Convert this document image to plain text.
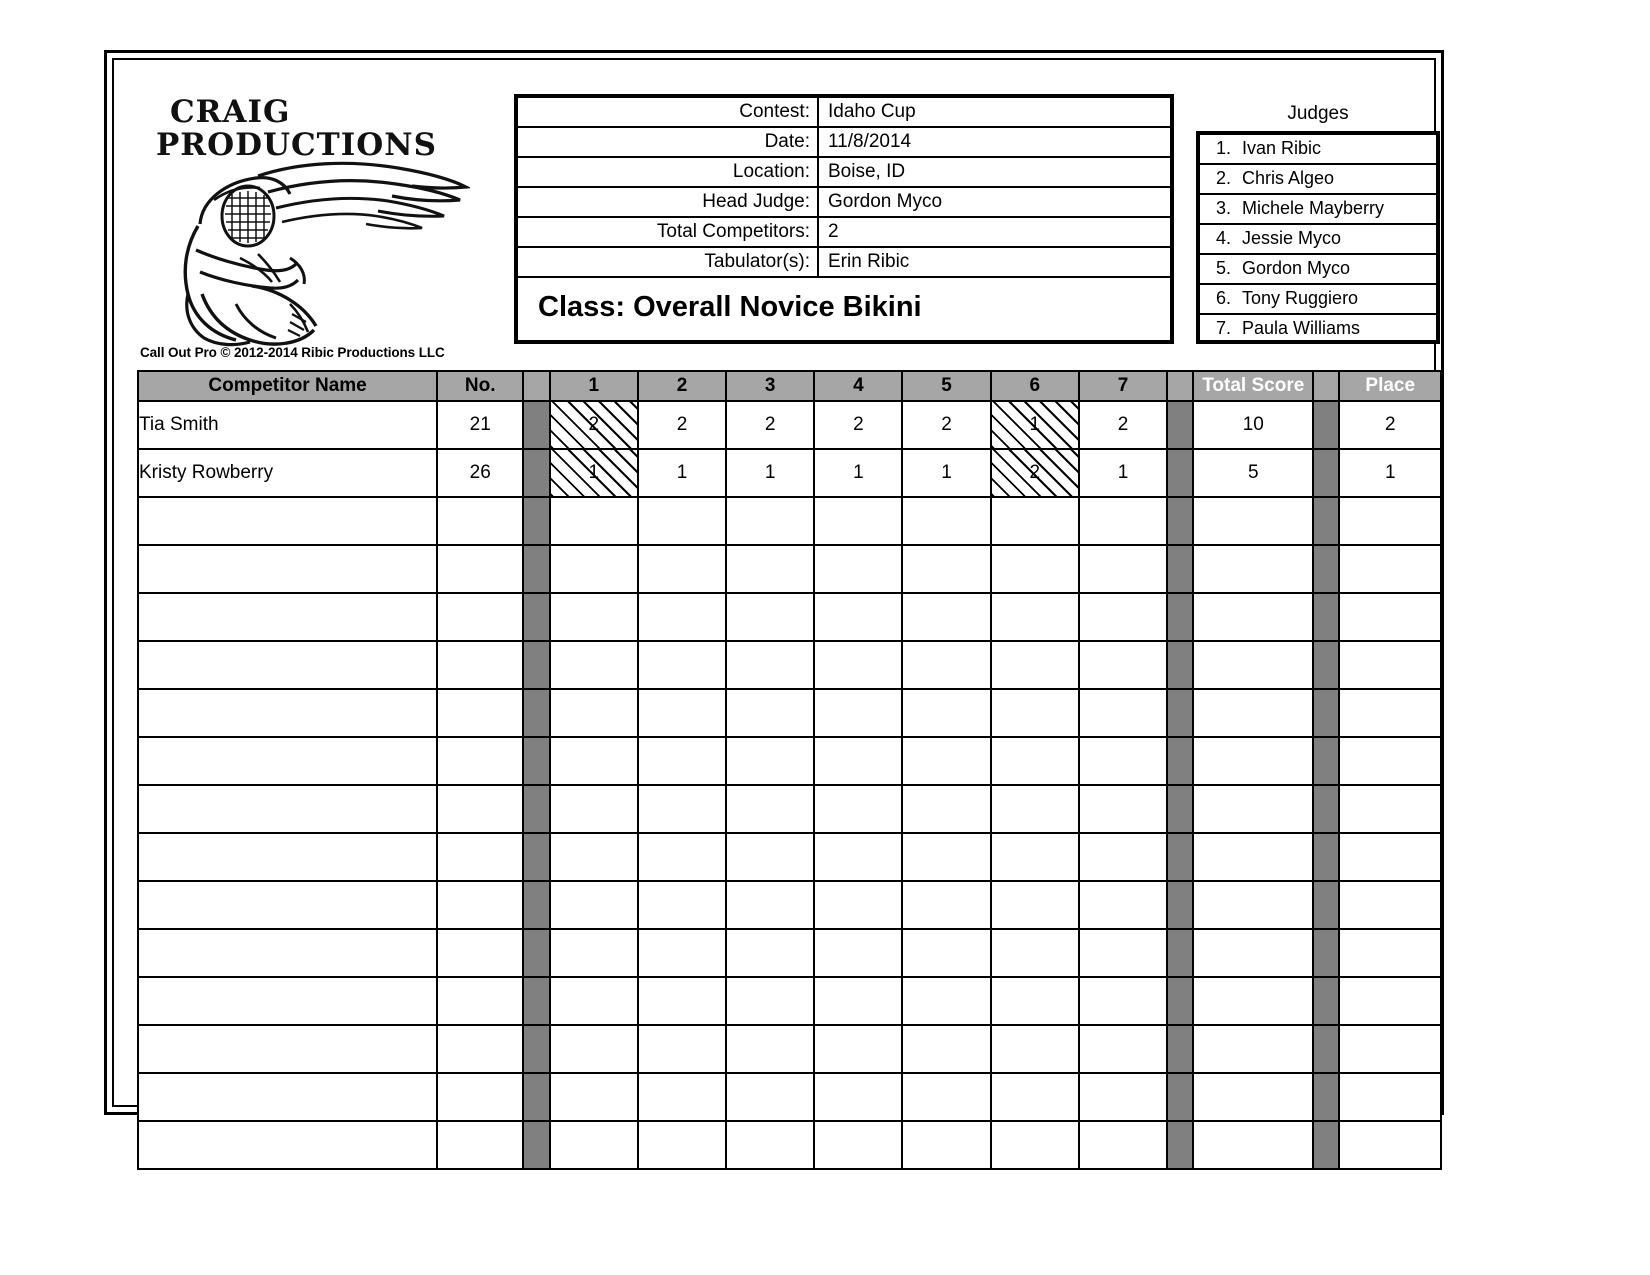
CRAIG
PRODUCTIONS
Call Out Pro © 2012-2014 Ribic Productions LLC
Contest: Idaho Cup
Date: 11/8/2014
Location: Boise, ID
Head Judge: Gordon Myco
Total Competitors: 2
Tabulator(s): Erin Ribic
Class: Overall Novice Bikini
Judges
1. Ivan Ribic
2. Chris Algeo
3. Michele Mayberry
4. Jessie Myco
5. Gordon Myco
6. Tony Ruggiero
7. Paula Williams
Competitor Name	No.		1	2	3	4	5	6	7		Total Score		Place
Tia Smith	21		2	2	2	2	2	1	2		10		2
Kristy Rowberry	26		1	1	1	1	1	2	1		5		1
